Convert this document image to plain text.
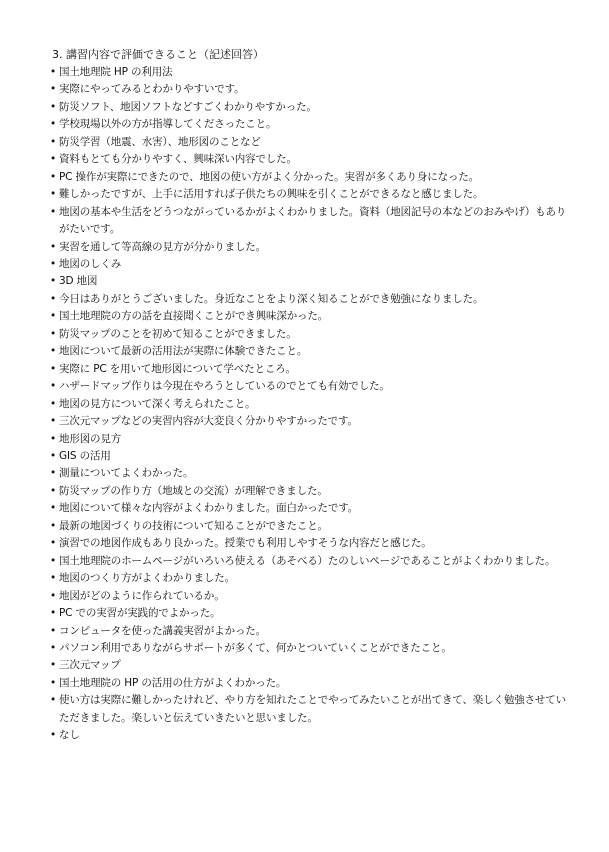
3. 講習内容で評価できること（記述回答）
• 国土地理院 HP の利用法
• 実際にやってみるとわかりやすいです。
• 防災ソフト、地図ソフトなどすごくわかりやすかった。
• 学校現場以外の方が指導してくださったこと。
• 防災学習（地震、水害）、地形図のことなど
• 資料もとても分かりやすく、興味深い内容でした。
• PC 操作が実際にできたので、地図の使い方がよく分かった。実習が多くあり身になった。
• 難しかったですが、上手に活用すれば子供たちの興味を引くことができるなと感じました。
• 地図の基本や生活をどうつながっているかがよくわかりました。資料（地図記号の本などのおみやげ）もありがたいです。
• 実習を通して等高線の見方が分かりました。
• 地図のしくみ
• 3D 地図
• 今日はありがとうございました。身近なことをより深く知ることができ勉強になりました。
• 国土地理院の方の話を直接聞くことができ興味深かった。
• 防災マップのことを初めて知ることができました。
• 地図について最新の活用法が実際に体験できたこと。
• 実際に PC を用いて地形図について学べたところ。
• ハザードマップ作りは今現在やろうとしているのでとても有効でした。
• 地図の見方について深く考えられたこと。
• 三次元マップなどの実習内容が大変良く分かりやすかったです。
• 地形図の見方
• GIS の活用
• 測量についてよくわかった。
• 防災マップの作り方（地域との交流）が理解できました。
• 地図について様々な内容がよくわかりました。面白かったです。
• 最新の地図づくりの技術について知ることができたこと。
• 演習での地図作成もあり良かった。授業でも利用しやすそうな内容だと感じた。
• 国土地理院のホームページがいろいろ使える（あそべる）たのしいページであることがよくわかりました。
• 地図のつくり方がよくわかりました。
• 地図がどのように作られているか。
• PC での実習が実践的でよかった。
• コンピュータを使った講義実習がよかった。
• パソコン利用でありながらサポートが多くて、何かとついていくことができたこと。
• 三次元マップ
• 国土地理院の HP の活用の仕方がよくわかった。
• 使い方は実際に難しかったけれど、やり方を知れたことでやってみたいことが出てきて、楽しく勉強させていただきました。楽しいと伝えていきたいと思いました。
• なし
